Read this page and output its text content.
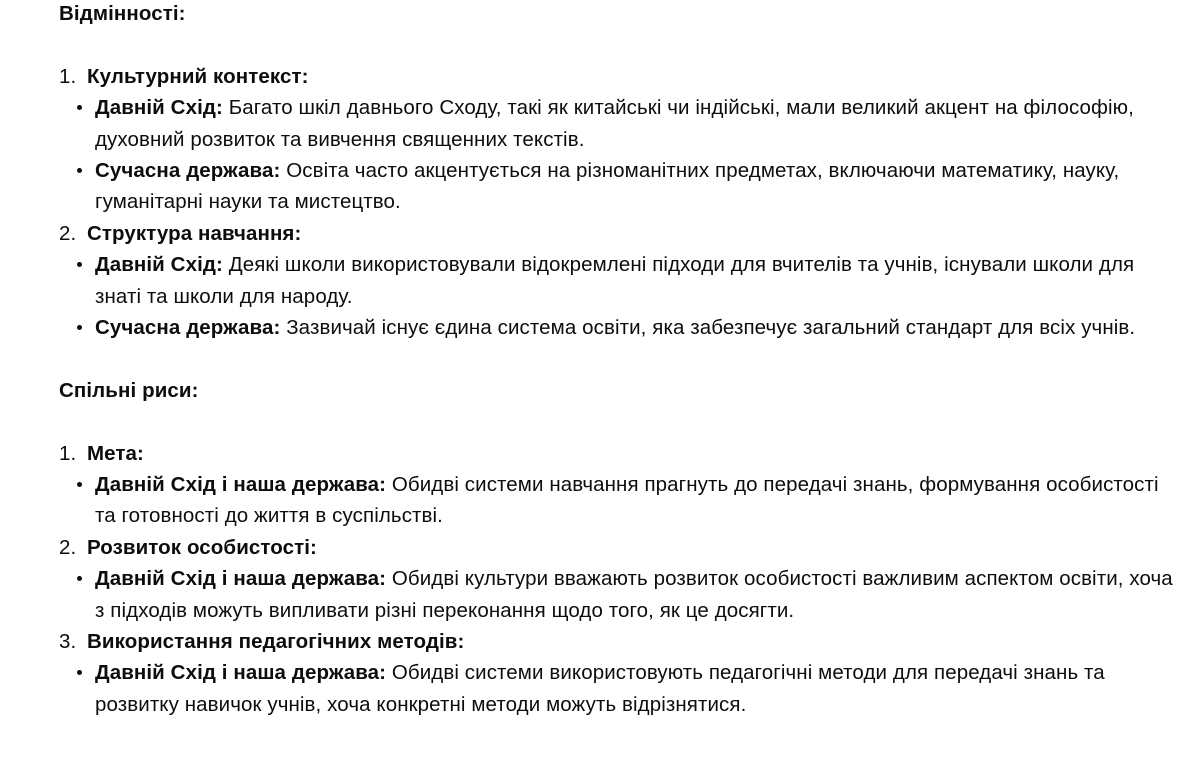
Відмінності:
1. Культурний контекст:
Давній Схід: Багато шкіл давнього Сходу, такі як китайські чи індійські, мали великий акцент на філософію, духовний розвиток та вивчення священних текстів.
Сучасна держава: Освіта часто акцентується на різноманітних предметах, включаючи математику, науку, гуманітарні науки та мистецтво.
2. Структура навчання:
Давній Схід: Деякі школи використовували відокремлені підходи для вчителів та учнів, існували школи для знаті та школи для народу.
Сучасна держава: Зазвичай існує єдина система освіти, яка забезпечує загальний стандарт для всіх учнів.
Спільні риси:
1. Мета:
Давній Схід і наша держава: Обидві системи навчання прагнуть до передачі знань, формування особистості та готовності до життя в суспільстві.
2. Розвиток особистості:
Давній Схід і наша держава: Обидві культури вважають розвиток особистості важливим аспектом освіти, хоча з підходів можуть випливати різні переконання щодо того, як це досягти.
3. Використання педагогічних методів:
Давній Схід і наша держава: Обидві системи використовують педагогічні методи для передачі знань та розвитку навичок учнів, хоча конкретні методи можуть відрізнятися.
